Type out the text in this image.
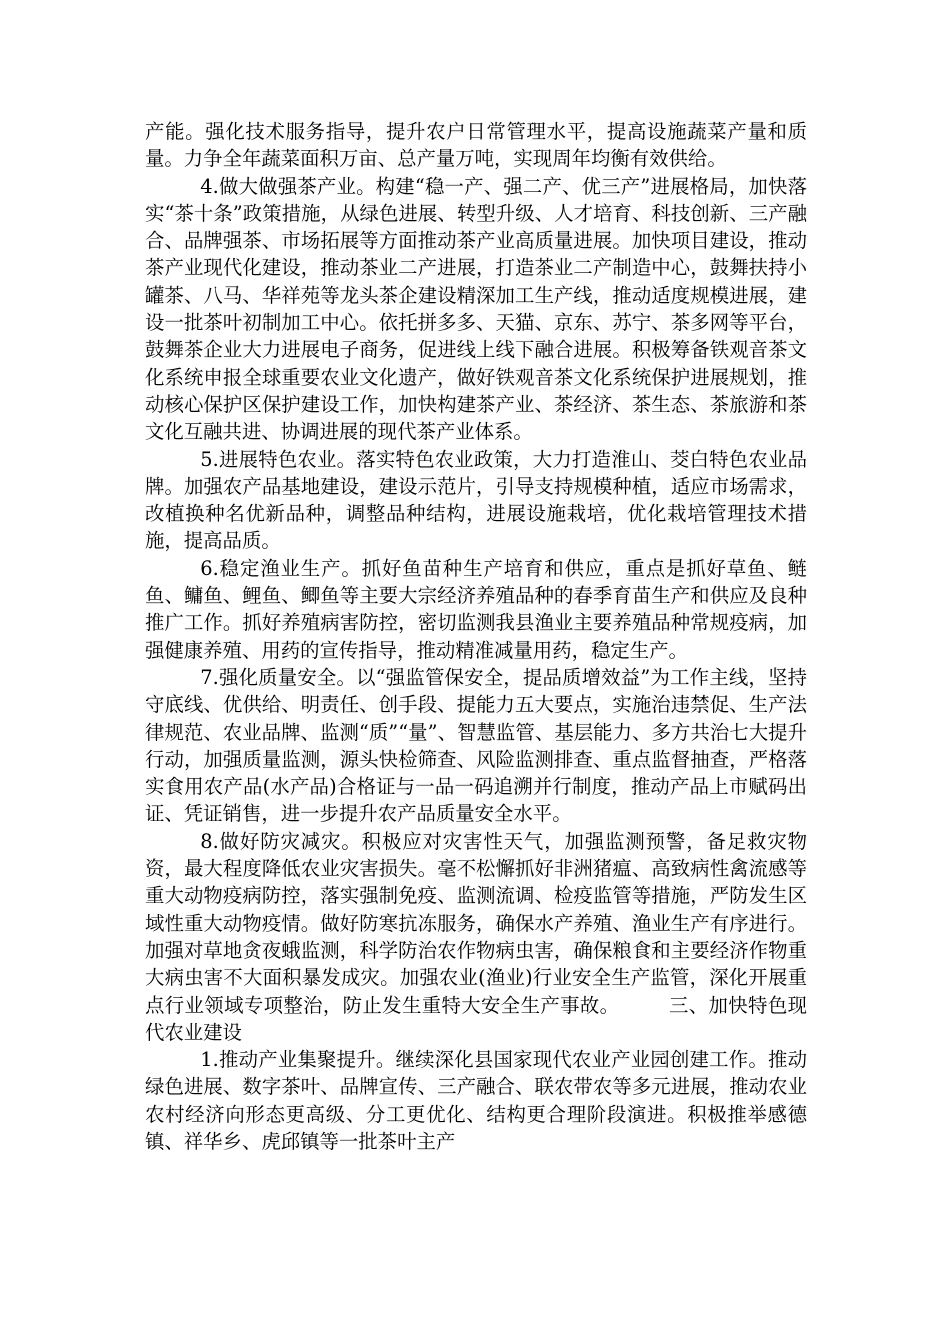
产能。强化技术服务指导，提升农户日常管理水平，提高设施蔬菜产量和质量。力争全年蔬菜面积万亩、总产量万吨，实现周年均衡有效供给。

4.做大做强茶产业。构建“稳一产、强二产、优三产”进展格局，加快落实“茶十条”政策措施，从绿色进展、转型升级、人才培育、科技创新、三产融合、品牌强茶、市场拓展等方面推动茶产业高质量进展。加快项目建设，推动茶产业现代化建设，推动茶业二产进展，打造茶业二产制造中心，鼓舞扶持小罐茶、八马、华祥苑等龙头茶企建设精深加工生产线，推动适度规模进展，建设一批茶叶初制加工中心。依托拼多多、天猫、京东、苏宁、茶多网等平台，鼓舞茶企业大力进展电子商务，促进线上线下融合进展。积极筹备铁观音茶文化系统申报全球重要农业文化遗产，做好铁观音茶文化系统保护进展规划，推动核心保护区保护建设工作，加快构建茶产业、茶经济、茶生态、茶旅游和茶文化互融共进、协调进展的现代茶产业体系。

5.进展特色农业。落实特色农业政策，大力打造淮山、茭白特色农业品牌。加强农产品基地建设，建设示范片，引导支持规模种植，适应市场需求，改植换种名优新品种，调整品种结构，进展设施栽培，优化栽培管理技术措施，提高品质。

6.稳定渔业生产。抓好鱼苗种生产培育和供应，重点是抓好草鱼、鲢鱼、鳙鱼、鲤鱼、鲫鱼等主要大宗经济养殖品种的春季育苗生产和供应及良种推广工作。抓好养殖病害防控，密切监测我县渔业主要养殖品种常规疫病，加强健康养殖、用药的宣传指导，推动精准减量用药，稳定生产。

7.强化质量安全。以“强监管保安全，提品质增效益”为工作主线，坚持守底线、优供给、明责任、创手段、提能力五大要点，实施治违禁促、生产法律规范、农业品牌、监测“质”“量”、智慧监管、基层能力、多方共治七大提升行动，加强质量监测，源头快检筛查、风险监测排查、重点监督抽查，严格落实食用农产品(水产品)合格证与一品一码追溯并行制度，推动产品上市赋码出证、凭证销售，进一步提升农产品质量安全水平。

8.做好防灾减灾。积极应对灾害性天气，加强监测预警，备足救灾物资，最大程度降低农业灾害损失。毫不松懈抓好非洲猪瘟、高致病性禽流感等重大动物疫病防控，落实强制免疫、监测流调、检疫监管等措施，严防发生区域性重大动物疫情。做好防寒抗冻服务，确保水产养殖、渔业生产有序进行。加强对草地贪夜蛾监测，科学防治农作物病虫害，确保粮食和主要经济作物重大病虫害不大面积暴发成灾。加强农业(渔业)行业安全生产监管，深化开展重点行业领域专项整治，防止发生重特大安全生产事故。　　　三、加快特色现代农业建设

1.推动产业集聚提升。继续深化县国家现代农业产业园创建工作。推动绿色进展、数字茶叶、品牌宣传、三产融合、联农带农等多元进展，推动农业农村经济向形态更高级、分工更优化、结构更合理阶段演进。积极推举感德镇、祥华乡、虎邱镇等一批茶叶主产
